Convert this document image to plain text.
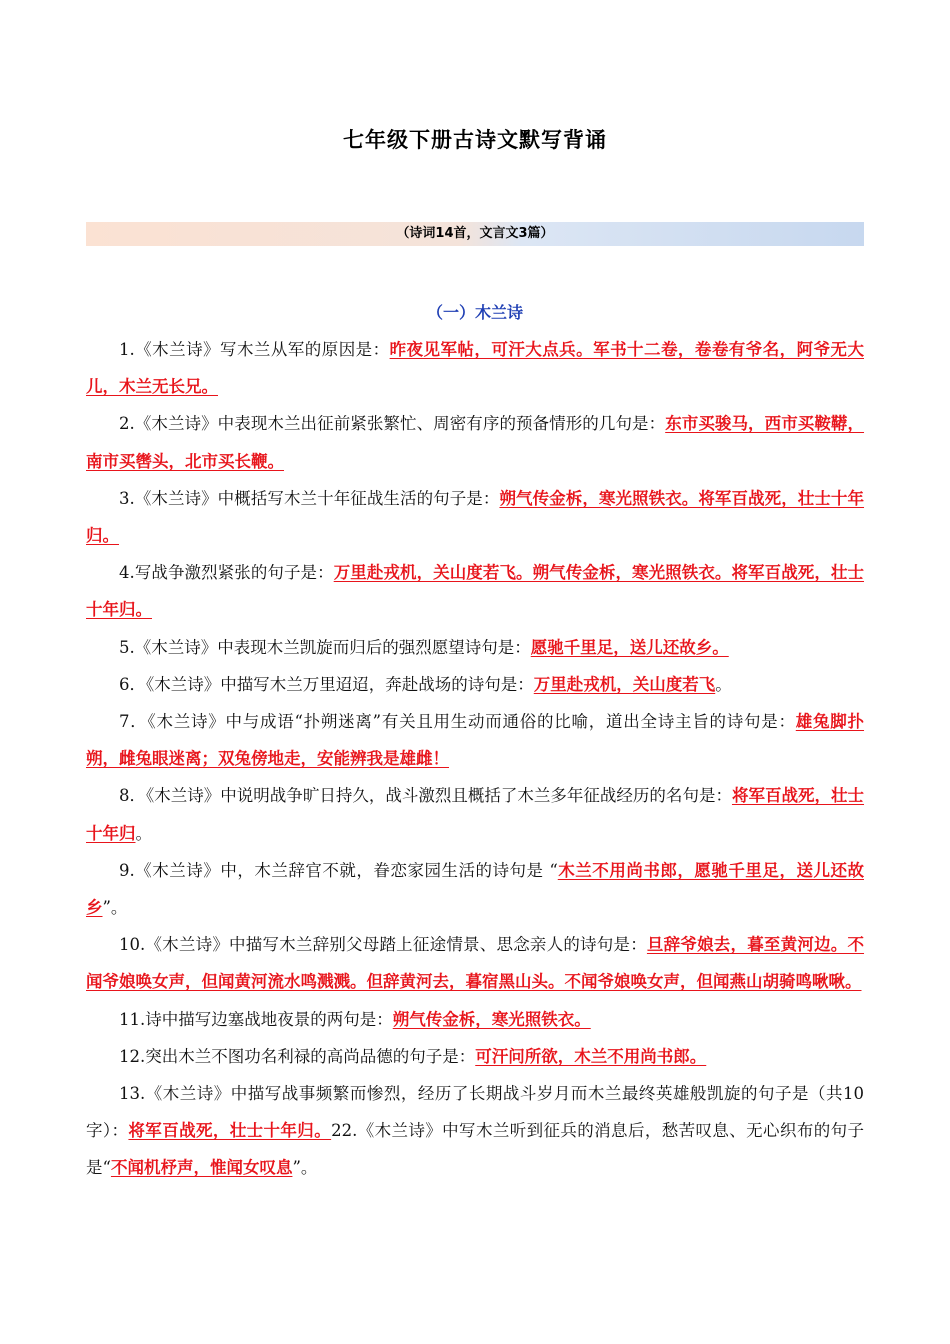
七年级下册古诗文默写背诵
（诗词14首，文言文3篇）
（一）木兰诗

1.《木兰诗》写木兰从军的原因是：昨夜见军帖，可汗大点兵。军书十二卷，卷卷有爷名，阿爷无大儿，木兰无长兄。

2.《木兰诗》中表现木兰出征前紧张繁忙、周密有序的预备情形的几句是：东市买骏马，西市买鞍鞯，南市买辔头，北市买长鞭。

3.《木兰诗》中概括写木兰十年征战生活的句子是：朔气传金柝，寒光照铁衣。将军百战死，壮士十年归。

4.写战争激烈紧张的句子是：万里赴戎机，关山度若飞。朔气传金柝，寒光照铁衣。将军百战死，壮士十年归。

5.《木兰诗》中表现木兰凯旋而归后的强烈愿望诗句是：愿驰千里足，送儿还故乡。

6．《木兰诗》中描写木兰万里迢迢，奔赴战场的诗句是：万里赴戎机，关山度若飞。

7．《木兰诗》中与成语“扑朔迷离”有关且用生动而通俗的比喻，道出全诗主旨的诗句是：雄兔脚扑朔，雌兔眼迷离；双兔傍地走，安能辨我是雄雌！

8．《木兰诗》中说明战争旷日持久，战斗激烈且概括了木兰多年征战经历的名句是：将军百战死，壮士十年归。

9.《木兰诗》中，木兰辞官不就，眷恋家园生活的诗句是 “木兰不用尚书郎，愿驰千里足，送儿还故乡”。

10.《木兰诗》中描写木兰辞别父母踏上征途情景、思念亲人的诗句是：旦辞爷娘去，暮至黄河边。不闻爷娘唤女声，但闻黄河流水鸣溅溅。但辞黄河去，暮宿黑山头。不闻爷娘唤女声，但闻燕山胡骑鸣啾啾。

11.诗中描写边塞战地夜景的两句是：朔气传金柝，寒光照铁衣。

12.突出木兰不图功名利禄的高尚品德的句子是：可汗问所欲，木兰不用尚书郎。

13.《木兰诗》中描写战事频繁而惨烈，经历了长期战斗岁月而木兰最终英雄般凯旋的句子是（共10字）：将军百战死，壮士十年归。22.《木兰诗》中写木兰听到征兵的消息后，愁苦叹息、无心织布的句子是“不闻机杼声，惟闻女叹息”。
